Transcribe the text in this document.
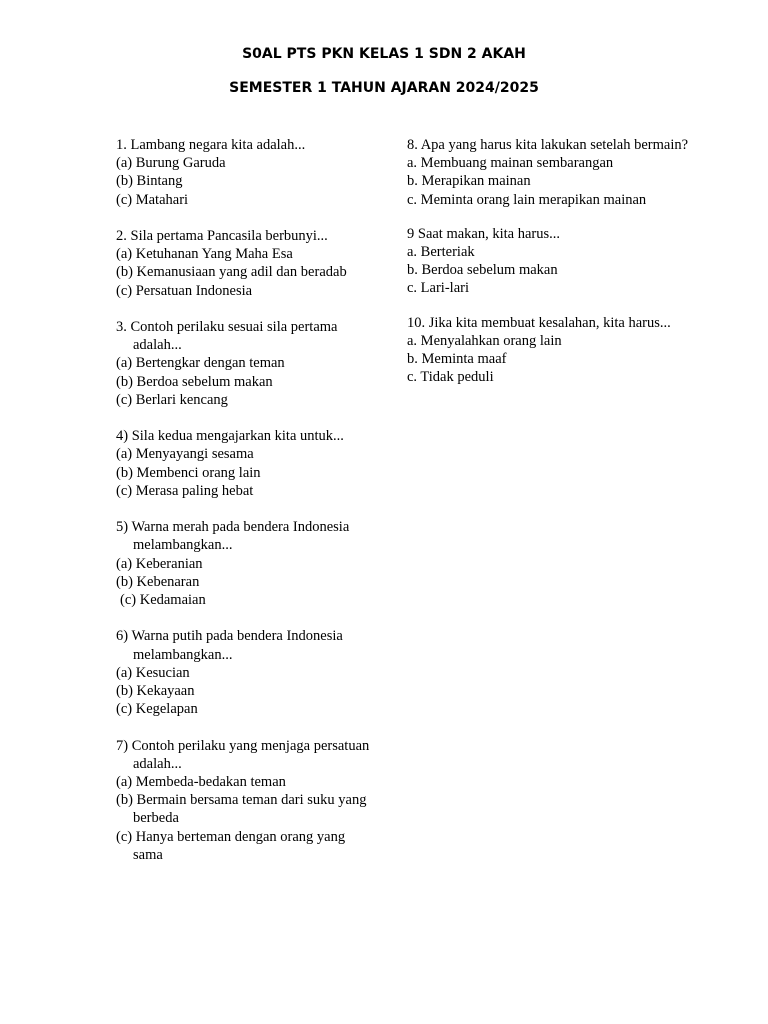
S0AL PTS PKN KELAS 1 SDN 2 AKAH
SEMESTER 1 TAHUN AJARAN 2024/2025
1. Lambang negara kita adalah...
(a) Burung Garuda
(b) Bintang
(c) Matahari
2. Sila pertama Pancasila berbunyi...
(a) Ketuhanan Yang Maha Esa
(b) Kemanusiaan yang adil dan beradab
(c) Persatuan Indonesia
3. Contoh perilaku sesuai sila pertama adalah...
(a) Bertengkar dengan teman
(b) Berdoa sebelum makan
(c) Berlari kencang
4) Sila kedua mengajarkan kita untuk...
(a) Menyayangi sesama
(b) Membenci orang lain
(c) Merasa paling hebat
5) Warna merah pada bendera Indonesia melambangkan...
(a) Keberanian
(b) Kebenaran
(c) Kedamaian
6) Warna putih pada bendera Indonesia melambangkan...
(a) Kesucian
(b) Kekayaan
(c) Kegelapan
7) Contoh perilaku yang menjaga persatuan adalah...
(a) Membeda-bedakan teman
(b) Bermain bersama teman dari suku yang berbeda
(c) Hanya berteman dengan orang yang sama
8. Apa yang harus kita lakukan setelah bermain?
a. Membuang mainan sembarangan
b. Merapikan mainan
c. Meminta orang lain merapikan mainan
9 Saat makan, kita harus...
a. Berteriak
b. Berdoa sebelum makan
c. Lari-lari
10. Jika kita membuat kesalahan, kita harus...
a. Menyalahkan orang lain
b. Meminta maaf
c. Tidak peduli
